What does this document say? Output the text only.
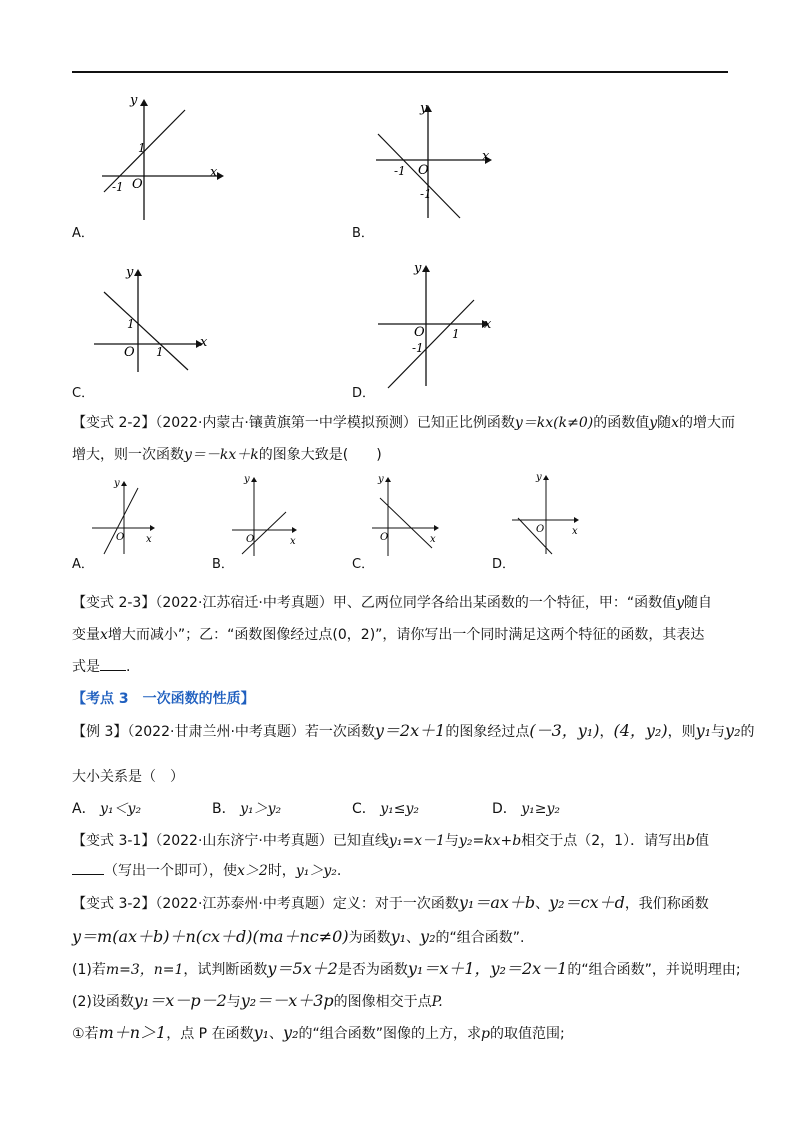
y
x
1
-1 O
A．
y
x
-1 O
-1
B．
y
x
1
1
O
C．
y
x
O 1
-1
D．
【变式 2-2】（2022·内蒙古·镶黄旗第一中学模拟预测）已知正比例函数y＝kx(k≠0)的函数值y随x的增大而
增大，则一次函数y＝－kx＋k的图象大致是(　　)
y
x
O
A．
y
x
O
B．
y
x
O
C．
y
x
O
D．
【变式 2-3】（2022·江苏宿迁·中考真题）甲、乙两位同学各给出某函数的一个特征，甲：“函数值y随自
变量x增大而减小”；乙：“函数图像经过点(0，2)”，请你写出一个同时满足这两个特征的函数，其表达
式是 .
【考点 3　一次函数的性质】
【例 3】（2022·甘肃兰州·中考真题）若一次函数y＝2x＋1的图象经过点(－3，y₁)，(4，y₂)，则y₁与y₂的
大小关系是（　）
A． y₁＜y₂	B． y₁＞y₂	C． y₁≤y₂	D． y₁≥y₂
【变式 3-1】（2022·山东济宁·中考真题）已知直线y₁=x－1与y₂=kx+b相交于点（2，1）．请写出b值
（写出一个即可），使x＞2时，y₁＞y₂.
【变式 3-2】（2022·江苏泰州·中考真题）定义：对于一次函数y₁＝ax＋b、y₂＝cx＋d，我们称函数
y＝m(ax＋b)＋n(cx＋d)(ma＋nc≠0)为函数y₁、y₂的“组合函数”.
(1)若m=3，n=1，试判断函数y＝5x＋2是否为函数y₁＝x＋1，y₂＝2x－1的“组合函数”，并说明理由;
(2)设函数y₁＝x－p－2与y₂＝－x＋3p的图像相交于点P.
①若m＋n＞1，点 P 在函数y₁、y₂的“组合函数”图像的上方，求p的取值范围;
